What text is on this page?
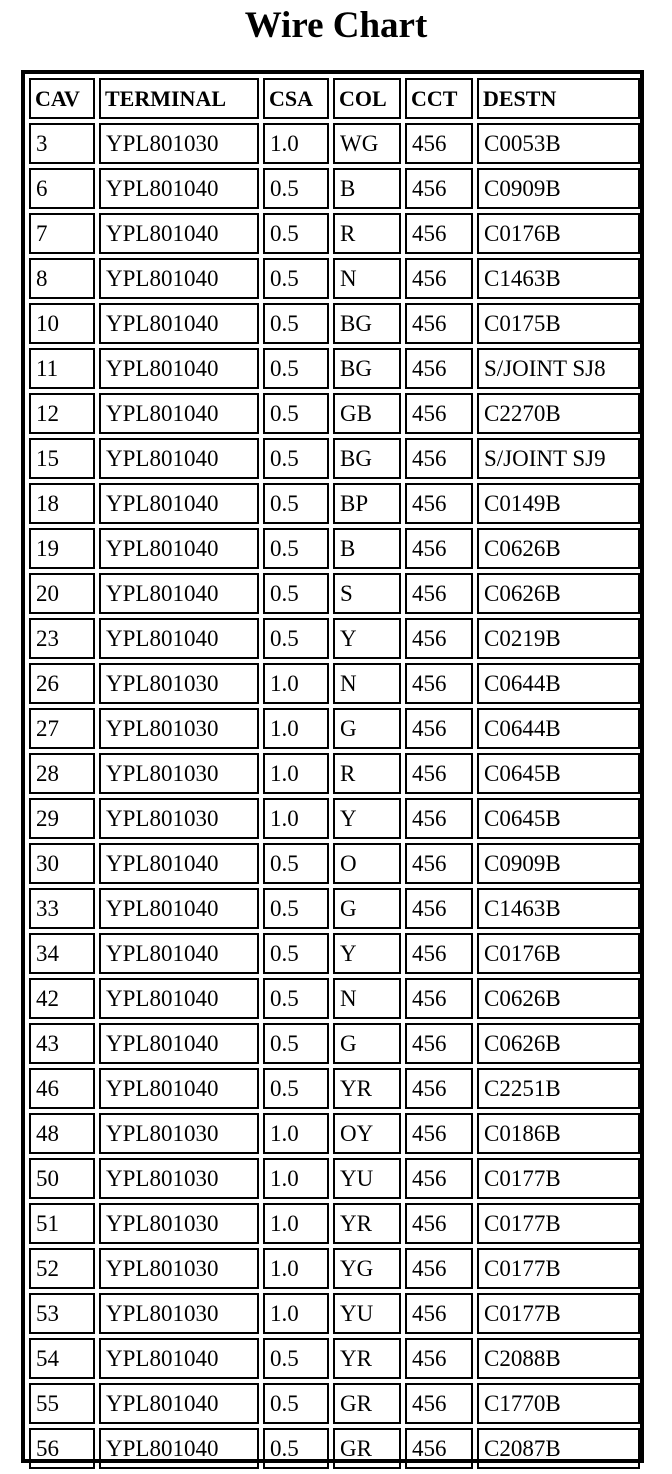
Wire Chart
CAV	TERMINAL	CSA	COL	CCT	DESTN
3	YPL801030	1.0	WG	456	C0053B
6	YPL801040	0.5	B	456	C0909B
7	YPL801040	0.5	R	456	C0176B
8	YPL801040	0.5	N	456	C1463B
10	YPL801040	0.5	BG	456	C0175B
11	YPL801040	0.5	BG	456	S/JOINT SJ8
12	YPL801040	0.5	GB	456	C2270B
15	YPL801040	0.5	BG	456	S/JOINT SJ9
18	YPL801040	0.5	BP	456	C0149B
19	YPL801040	0.5	B	456	C0626B
20	YPL801040	0.5	S	456	C0626B
23	YPL801040	0.5	Y	456	C0219B
26	YPL801030	1.0	N	456	C0644B
27	YPL801030	1.0	G	456	C0644B
28	YPL801030	1.0	R	456	C0645B
29	YPL801030	1.0	Y	456	C0645B
30	YPL801040	0.5	O	456	C0909B
33	YPL801040	0.5	G	456	C1463B
34	YPL801040	0.5	Y	456	C0176B
42	YPL801040	0.5	N	456	C0626B
43	YPL801040	0.5	G	456	C0626B
46	YPL801040	0.5	YR	456	C2251B
48	YPL801030	1.0	OY	456	C0186B
50	YPL801030	1.0	YU	456	C0177B
51	YPL801030	1.0	YR	456	C0177B
52	YPL801030	1.0	YG	456	C0177B
53	YPL801030	1.0	YU	456	C0177B
54	YPL801040	0.5	YR	456	C2088B
55	YPL801040	0.5	GR	456	C1770B
56	YPL801040	0.5	GR	456	C2087B
